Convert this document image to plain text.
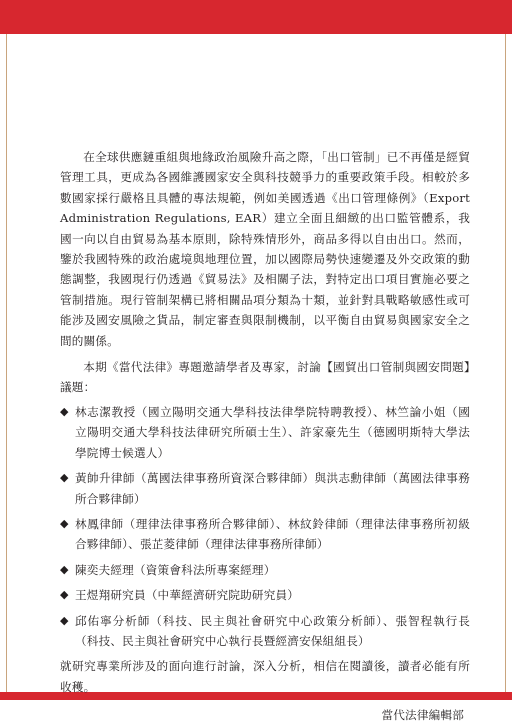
在全球供應鏈重組與地緣政治風險升高之際，「出口管制」已不再僅是經貿管理工具，更成為各國維護國家安全與科技競爭力的重要政策手段。相較於多數國家採行嚴格且具體的專法規範，例如美國透過《出口管理條例》（Export Administration Regulations, EAR）建立全面且細緻的出口監管體系，我國一向以自由貿易為基本原則，除特殊情形外，商品多得以自由出口。然而，鑒於我國特殊的政治處境與地理位置，加以國際局勢快速變遷及外交政策的動態調整，我國現行仍透過《貿易法》及相關子法，對特定出口項目實施必要之管制措施。現行管制架構已將相關品項分類為十類，並針對具戰略敏感性或可能涉及國安風險之貨品，制定審查與限制機制，以平衡自由貿易與國家安全之間的關係。

本期《當代法律》專題邀請學者及專家，討論【國貿出口管制與國安問題】議題：

◆ 林志潔教授（國立陽明交通大學科技法律學院特聘教授）、林竺論小姐（國立陽明交通大學科技法律研究所碩士生）、許家豪先生（德國明斯特大學法學院博士候選人）
◆ 黃帥升律師（萬國法律事務所資深合夥律師）與洪志勳律師（萬國法律事務所合夥律師）
◆ 林鳳律師（理律法律事務所合夥律師）、林紋鈴律師（理律法律事務所初級合夥律師）、張芷菱律師（理律法律事務所律師）
◆ 陳奕夫經理（資策會科法所專案經理）
◆ 王煜翔研究員（中華經濟研究院助研究員）
◆ 邱佑寧分析師（科技、民主與社會研究中心政策分析師）、張智程執行長（科技、民主與社會研究中心執行長暨經濟安保組組長）

就研究專業所涉及的面向進行討論，深入分析，相信在閱讀後，讀者必能有所收穫。

當代法律編輯部
